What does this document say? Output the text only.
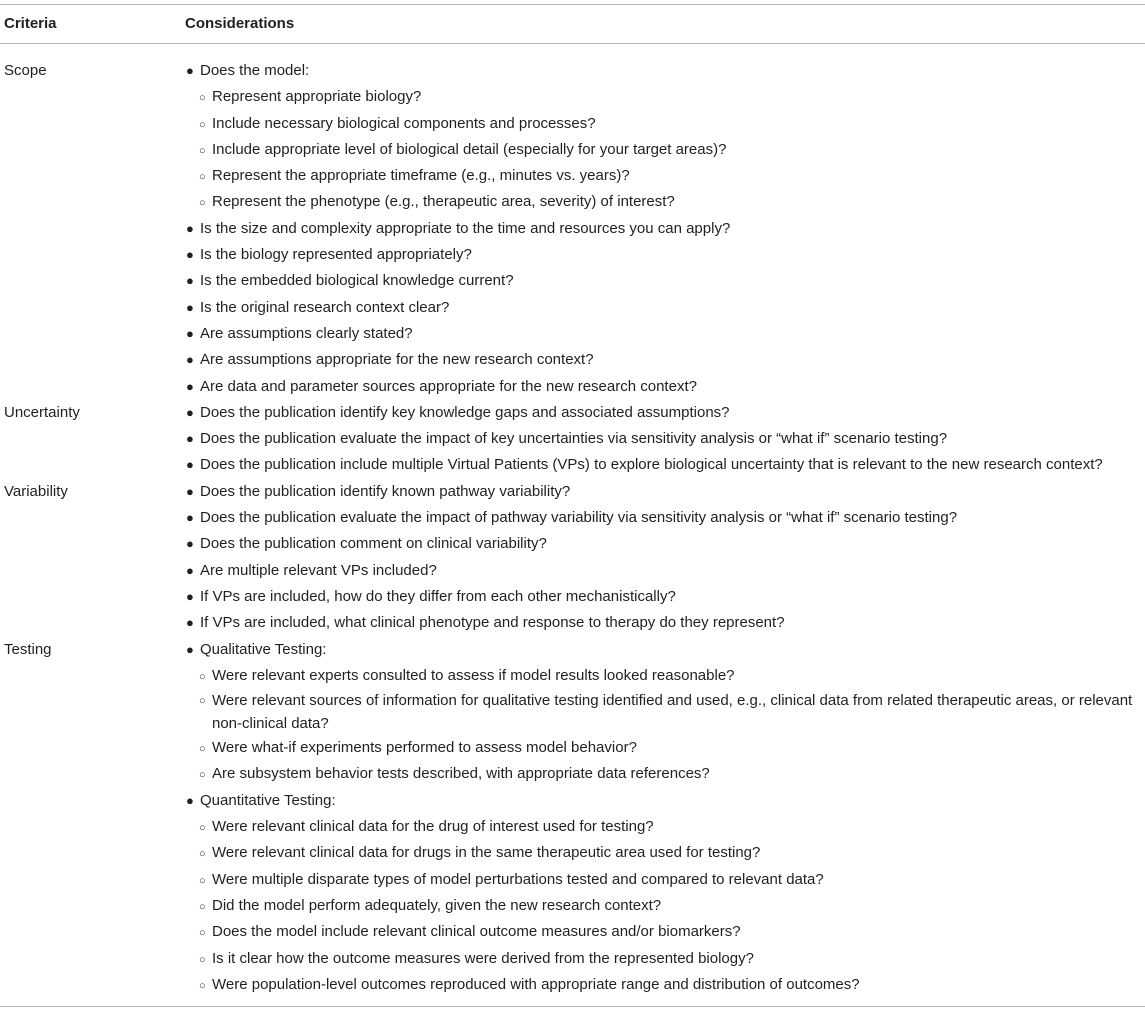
Criteria	Considerations
Scope	● Does the model:
○ Represent appropriate biology?
○ Include necessary biological components and processes?
○ Include appropriate level of biological detail (especially for your target areas)?
○ Represent the appropriate timeframe (e.g., minutes vs. years)?
○ Represent the phenotype (e.g., therapeutic area, severity) of interest?
● Is the size and complexity appropriate to the time and resources you can apply?
● Is the biology represented appropriately?
● Is the embedded biological knowledge current?
● Is the original research context clear?
● Are assumptions clearly stated?
● Are assumptions appropriate for the new research context?
● Are data and parameter sources appropriate for the new research context?
Uncertainty	● Does the publication identify key knowledge gaps and associated assumptions?
● Does the publication evaluate the impact of key uncertainties via sensitivity analysis or “what if” scenario testing?
● Does the publication include multiple Virtual Patients (VPs) to explore biological uncertainty that is relevant to the new research context?
Variability	● Does the publication identify known pathway variability?
● Does the publication evaluate the impact of pathway variability via sensitivity analysis or “what if” scenario testing?
● Does the publication comment on clinical variability?
● Are multiple relevant VPs included?
● If VPs are included, how do they differ from each other mechanistically?
● If VPs are included, what clinical phenotype and response to therapy do they represent?
Testing	● Qualitative Testing:
○ Were relevant experts consulted to assess if model results looked reasonable?
○ Were relevant sources of information for qualitative testing identified and used, e.g., clinical data from related therapeutic areas, or relevant non-clinical data?
○ Were what-if experiments performed to assess model behavior?
○ Are subsystem behavior tests described, with appropriate data references?
● Quantitative Testing:
○ Were relevant clinical data for the drug of interest used for testing?
○ Were relevant clinical data for drugs in the same therapeutic area used for testing?
○ Were multiple disparate types of model perturbations tested and compared to relevant data?
○ Did the model perform adequately, given the new research context?
○ Does the model include relevant clinical outcome measures and/or biomarkers?
○ Is it clear how the outcome measures were derived from the represented biology?
○ Were population-level outcomes reproduced with appropriate range and distribution of outcomes?
